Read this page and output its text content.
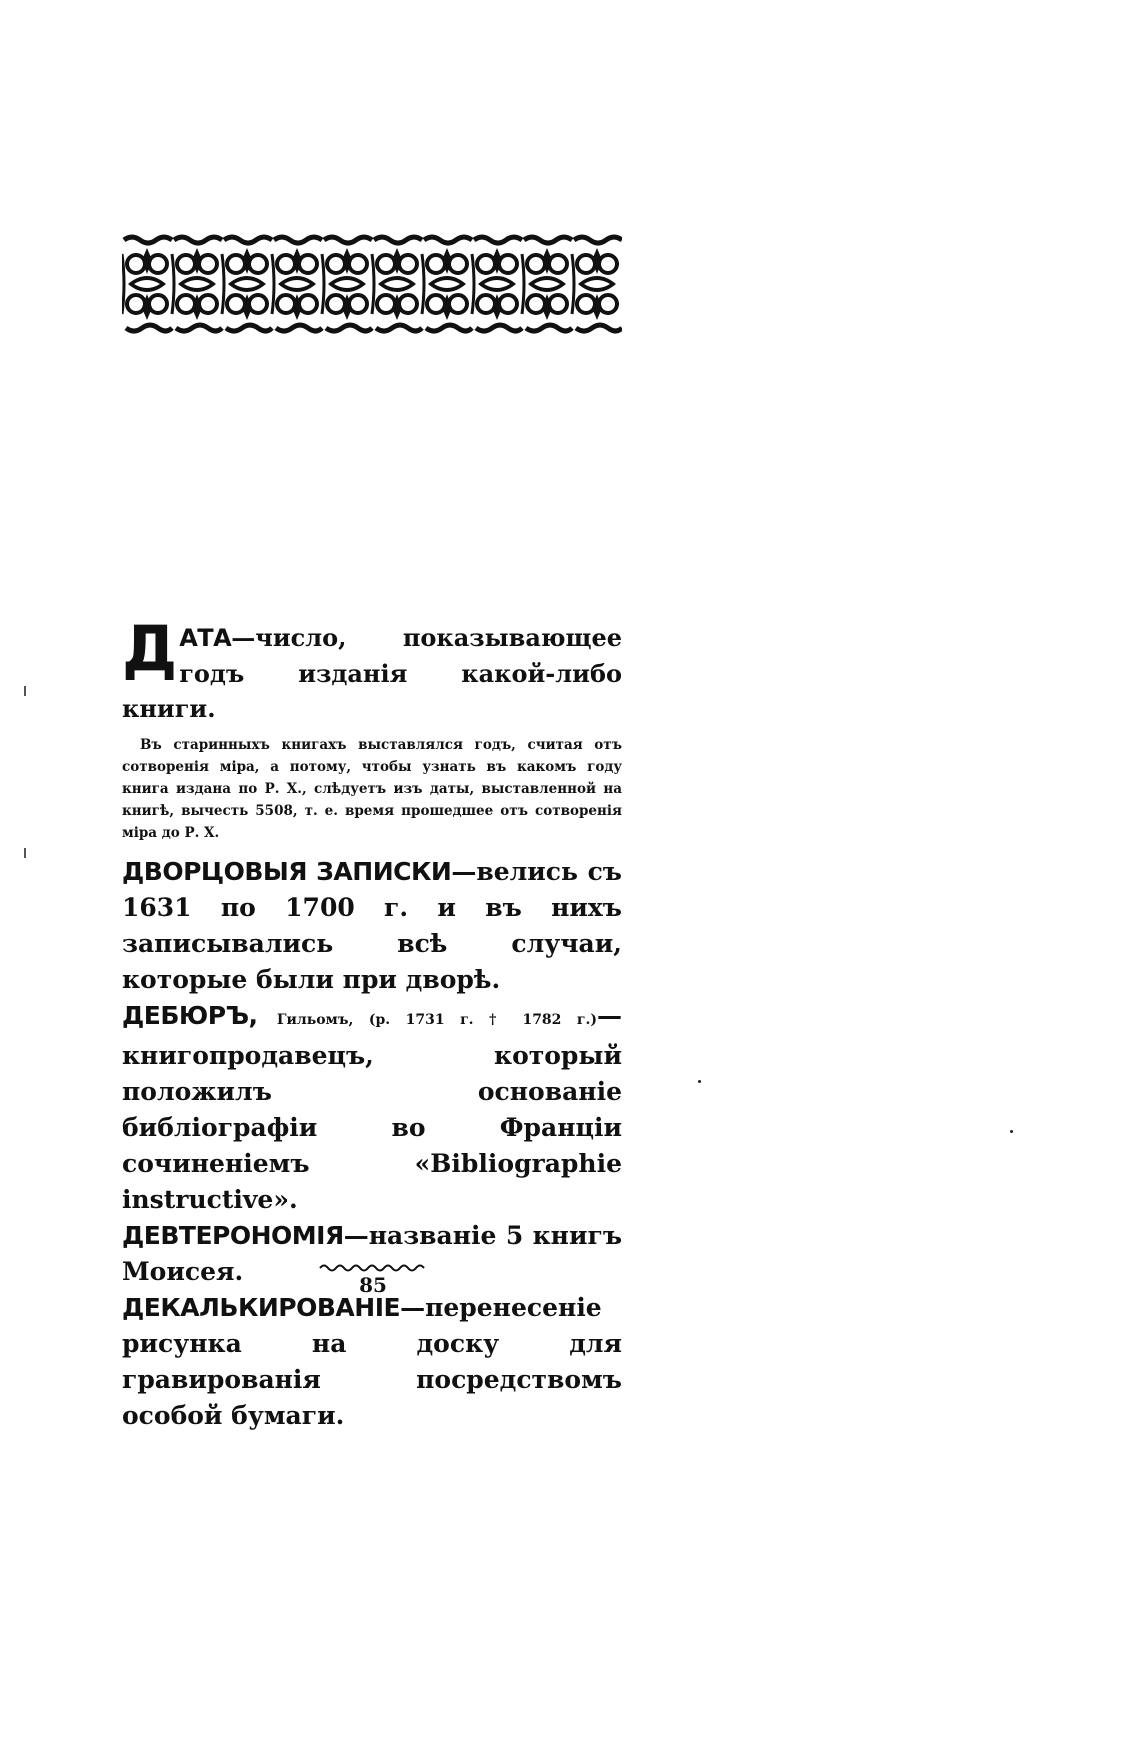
ДАТА—число, показывающее годъ изданія какой-либо книги.

Въ старинныхъ книгахъ выставлялся годъ, считая отъ сотворенія міра, а потому, чтобы узнать въ какомъ году книга издана по Р. Х., слѣдуетъ изъ даты, выставленной на книгѣ, вычесть 5508, т. е. время прошедшее отъ сотворенія міра до Р. Х.

ДВОРЦОВЫЯ ЗАПИСКИ—велись съ 1631 по 1700 г. и въ нихъ записывались всѣ случаи, которые были при дворѣ.

ДЕБЮРЪ, Гильомъ, (р. 1731 г. † 1782 г.)— книгопродавецъ, который положилъ основаніе библіографіи во Франціи сочиненіемъ «Bibliographie instructive».

ДЕВТЕРОНОМІЯ—названіе 5 книгъ Моисея.

ДЕКАЛЬКИРОВАНІЕ—перенесеніе рисунка на доску для гравированія посредствомъ особой бумаги.

85
